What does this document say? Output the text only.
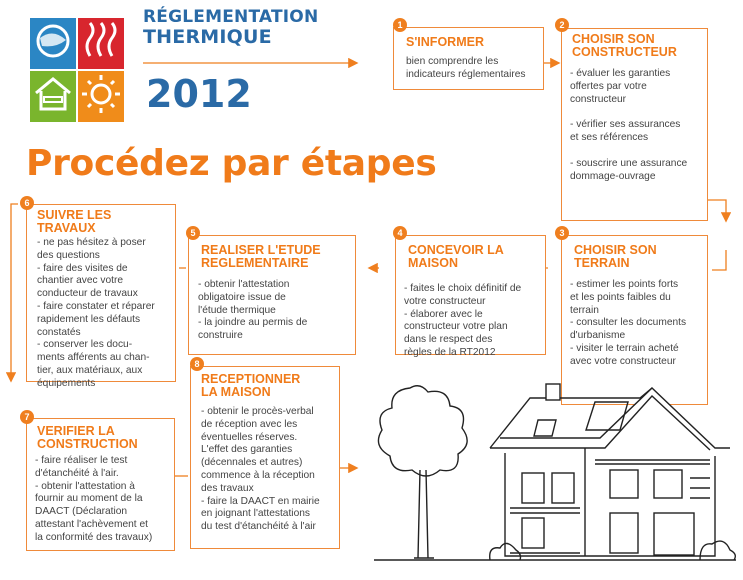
RÉGLEMENTATION
THERMIQUE
2012
Procédez par étapes
S'INFORMER
bien comprendre les
indicateurs réglementaires
1
CHOISIR SON
CONSTRUCTEUR
- évaluer les garanties
offertes par votre
constructeur
- vérifier ses assurances
et ses références
- souscrire une assurance
dommage-ouvrage
2
CHOISIR SON
TERRAIN
- estimer les points forts
et les points faibles du
terrain
- consulter les documents
d'urbanisme
- visiter le terrain acheté
avec votre constructeur
3
CONCEVOIR LA
MAISON
- faites le choix définitif de
votre constructeur
- élaborer avec le
constructeur votre plan
dans le respect des
règles de la RT2012
4
REALISER L'ETUDE
REGLEMENTAIRE
- obtenir l'attestation
obligatoire issue de
l'étude thermique
- la joindre au permis de
construire
5
SUIVRE LES
TRAVAUX
- ne pas hésitez à poser
des questions
- faire des visites de
chantier avec votre
conducteur de travaux
- faire constater et réparer
rapidement les défauts
constatés
- conserver les docu-
ments afférents au chan-
tier, aux matériaux, aux
équipements
6
VERIFIER LA
CONSTRUCTION
- faire réaliser le test
d'étanchéité à l'air.
- obtenir l'attestation à
fournir au moment de la
DAACT (Déclaration
attestant l'achèvement et
la conformité des travaux)
7
RECEPTIONNER
LA MAISON
- obtenir le procès-verbal
de réception avec les
éventuelles réserves.
L'effet des garanties
(décennales et autres)
commence à la réception
des travaux
- faire la DAACT en mairie
en joignant l'attestations
du test d'étanchéité à l'air
8
